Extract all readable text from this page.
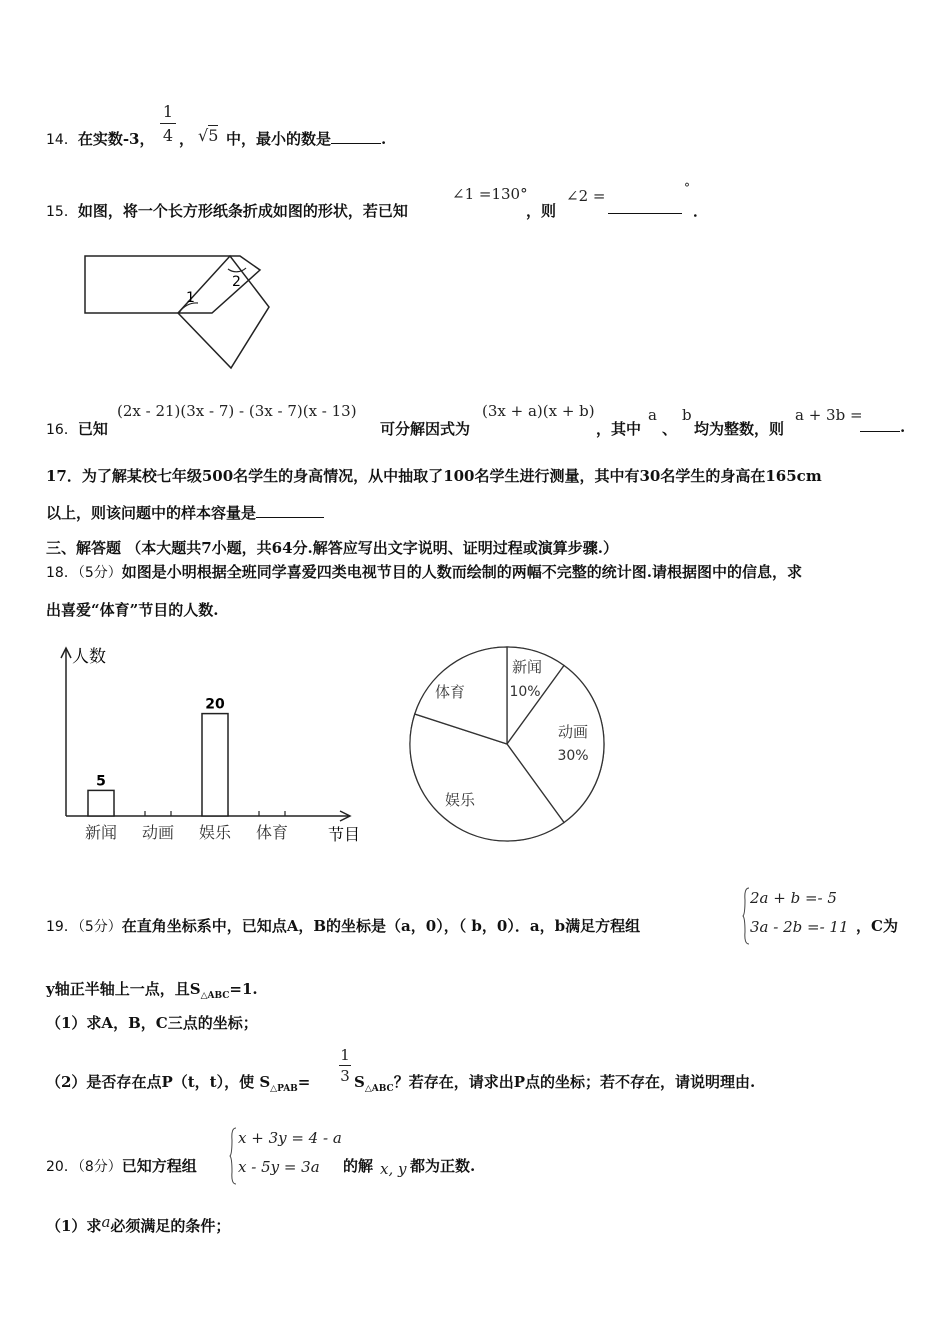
14．在实数-3，
1
4 ， √5 中，最小的数是	.
15．如图，将一个长方形纸条折成如图的形状，若已知
∠1 =130°
，则
∠2 =	°
．
1
2
16．已知
(2x - 21)(3x - 7) - (3x - 7)(x - 13)
可分解因式为
(3x + a)(x + b)
，其中
a
、
b
均为整数，则
a + 3b =
.
17．为了解某校七年级500名学生的身高情况，从中抽取了100名学生进行测量，其中有30名学生的身高在165cm
以上，则该问题中的样本容量是
三、解答题 （本大题共7小题，共64分.解答应写出文字说明、证明过程或演算步骤.）
18．（5分）如图是小明根据全班同学喜爱四类电视节目的人数而绘制的两幅不完整的统计图.请根据图中的信息，求
出喜爱“体育”节目的人数.
人数
节目
5
新闻 动画
20
娱乐 体育
新闻
10%
动画
30%
娱乐
体育
19．（5分）在直角坐标系中，已知点A，B的坐标是（a，0），（ b，0）．a，b满足方程组
2a + b =- 5
3a - 2b =- 11 ，C为
y轴正半轴上一点，且$S_{\triangle ABC}=1$.
（1）求A，B，C三点的坐标；
（2）是否存在点P（t，t），使 $S_{\triangle PAB}=$
1
3 $S_{\triangle ABC}$？若存在，请求出P点的坐标；若不存在，请说明理由.
20．（8分）已知方程组
x + 3y = 4 - a
x - 5y = 3a 的解 x, y 都为正数.
（1）求a必须满足的条件；
